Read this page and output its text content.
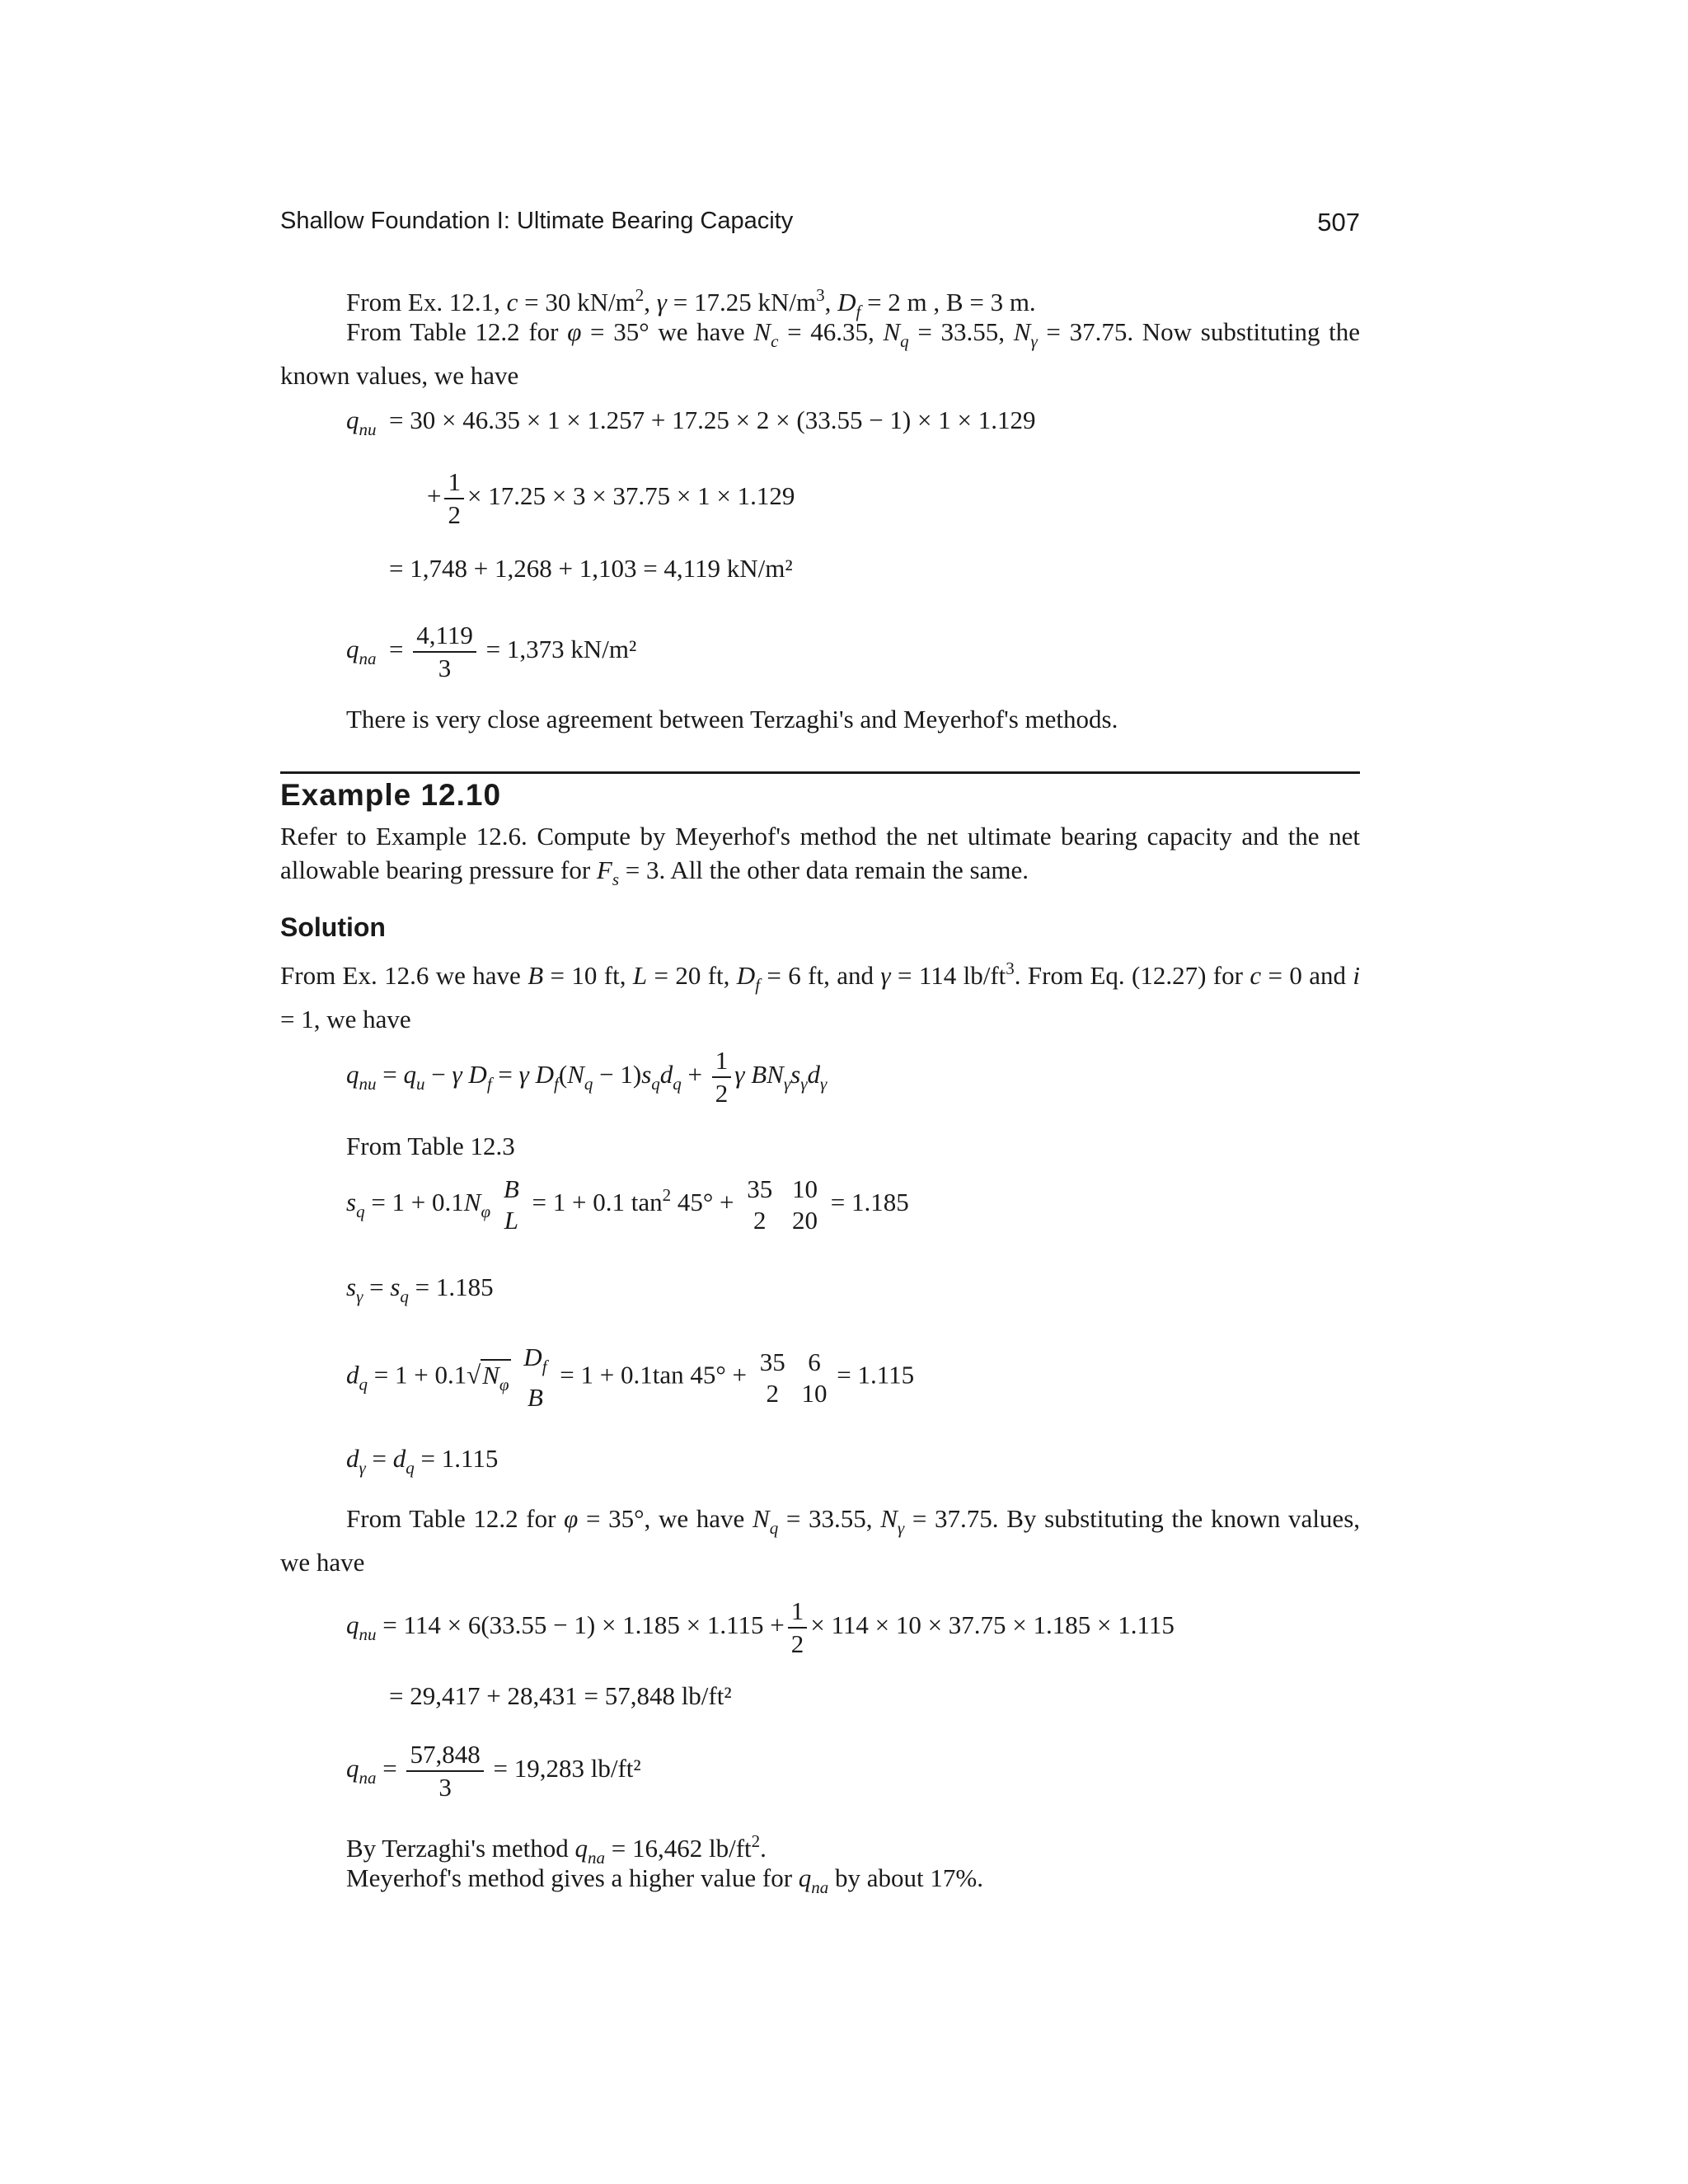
Shallow Foundation I: Ultimate Bearing Capacity	507
From Ex. 12.1, c = 30 $kN/m^2$, γ = 17.25 $kN/m^3$, $D_f = 2$ m , B = 3 m.
From Table 12.2 for φ = 35° we have $N_c = 46.35$, $N_q = 33.55$, $N_\gamma = 37.75$. Now substituting the known values, we have
$q_{nu} = 30 \times 46.35 \times 1 \times 1.257 + 17.25 \times 2 \times (33.55 - 1) \times 1 \times 1.129$
+ $\frac{1}{2} \times 17.25 \times 3 \times 37.75 \times 1 \times 1.129$
= 1,748 + 1,268 + 1,103 = 4,119 kN/m²
$q_{na} = \frac{4,119}{3} = 1,373$ kN/m²
There is very close agreement between Terzaghi's and Meyerhof's methods.
Example 12.10
Refer to Example 12.6. Compute by Meyerhof's method the net ultimate bearing capacity and the net allowable bearing pressure for $F_s = 3$. All the other data remain the same.
Solution
From Ex. 12.6 we have B = 10 ft, L = 20 ft, $D_f = 6$ ft, and γ = 114 $lb/ft^3$. From Eq. (12.27) for c = 0 and i = 1, we have
$q_{nu} = q_u - \gamma$ $D_f = \gamma$ $D_f(N_q - 1)s_qd_q + \frac{1}{2}$ γ $BN_\gamma s_\gamma d_\gamma$
From Table 12.3
$s_q = 1 + 0.1N_\varphi$
B
L
= 1 + 0.1 $\tan^2 45^\circ + 35$
2

10
20
= 1.185
$s_\gamma = s_q = 1.185$
$d_q = 1 + 0.1√N_\varphi$
$D_f$
B
= 1 + 0.1tan 45° + 35
2

6
10
= 1.115
$d_\gamma = d_q = 1.115$
From Table 12.2 for φ = 35°, we have $N_q = 33.55$, $N_\gamma = 37.75$. By substituting the known values, we have
$q_{nu} = 114 \times 6(33.55 - 1) \times 1.185 \times 1.115 + \frac{1}{2} \times 114 \times 10 \times 37.75 \times 1.185 \times 1.115$
= 29,417 + 28,431 = 57,848 lb/ft²
$q_{na} = \frac{57,848}{3} = 19,283$ lb/ft²
By Terzaghi's method $q_{na} = 16,462$ $lb/ft^2$.
Meyerhof's method gives a higher value for $q_{na}$ by about 17%.
